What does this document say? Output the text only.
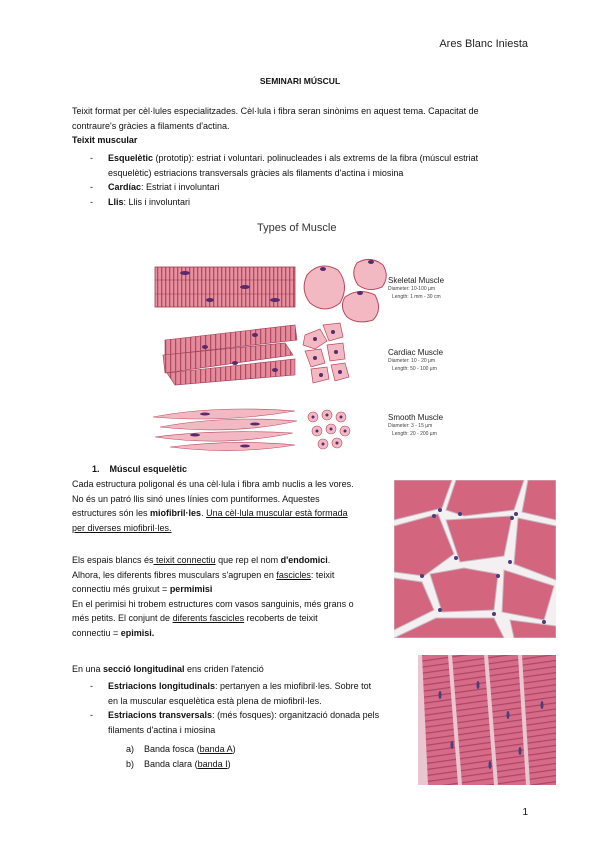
Ares Blanc Iniesta
SEMINARI MÚSCUL
Teixit format per cèl·lules especialitzades. Cèl·lula i fibra seran sinònims en aquest tema. Capacitat de
contraure's gràcies a filaments d'actina.
Teixit muscular
- Esquelètic (prototip): estriat i voluntari. polinucleades i als extrems de la fibra (múscul estriat
esquelètic) estriacions transversals gràcies als filaments d'actina i miosina
- Cardíac: Estriat i involuntari
- Llis: Llis i involuntari
Types of Muscle
Skeletal Muscle
Diameter: 10-100 µm
Length: 1 mm - 30 cm
Cardiac Muscle
Diameter: 10 - 20 µm
Length: 50 - 100 µm
Smooth Muscle
Diameter: 3 - 15 µm
Length: 20 - 200 µm
1. Múscul esquelètic
Cada estructura poligonal és una cèl·lula i fibra amb nuclis a les vores.
No és un patró llis sinó unes línies com puntiformes. Aquestes
estructures són les miofibril·les. Una cèl·lula muscular està formada
per diverses miofibril·les.
Els espais blancs és teixit connectiu que rep el nom d'endomici.
Alhora, les diferents fibres musculars s'agrupen en fascicles: teixit
connectiu més gruixut = permimisi
En el perimisi hi trobem estructures com vasos sanguinis, més grans o
més petits. El conjunt de diferents fascicles recoberts de teixit
connectiu = epimisi.
En una secció longitudinal ens criden l'atenció
- Estriacions longitudinals: pertanyen a les miofibril·les. Sobre tot
en la muscular esquelètica està plena de miofibril·les.
- Estriacions transversals: (més fosques): organització donada pels
filaments d'actina i miosina
a) Banda fosca (banda A)
b) Banda clara (banda I)
1
